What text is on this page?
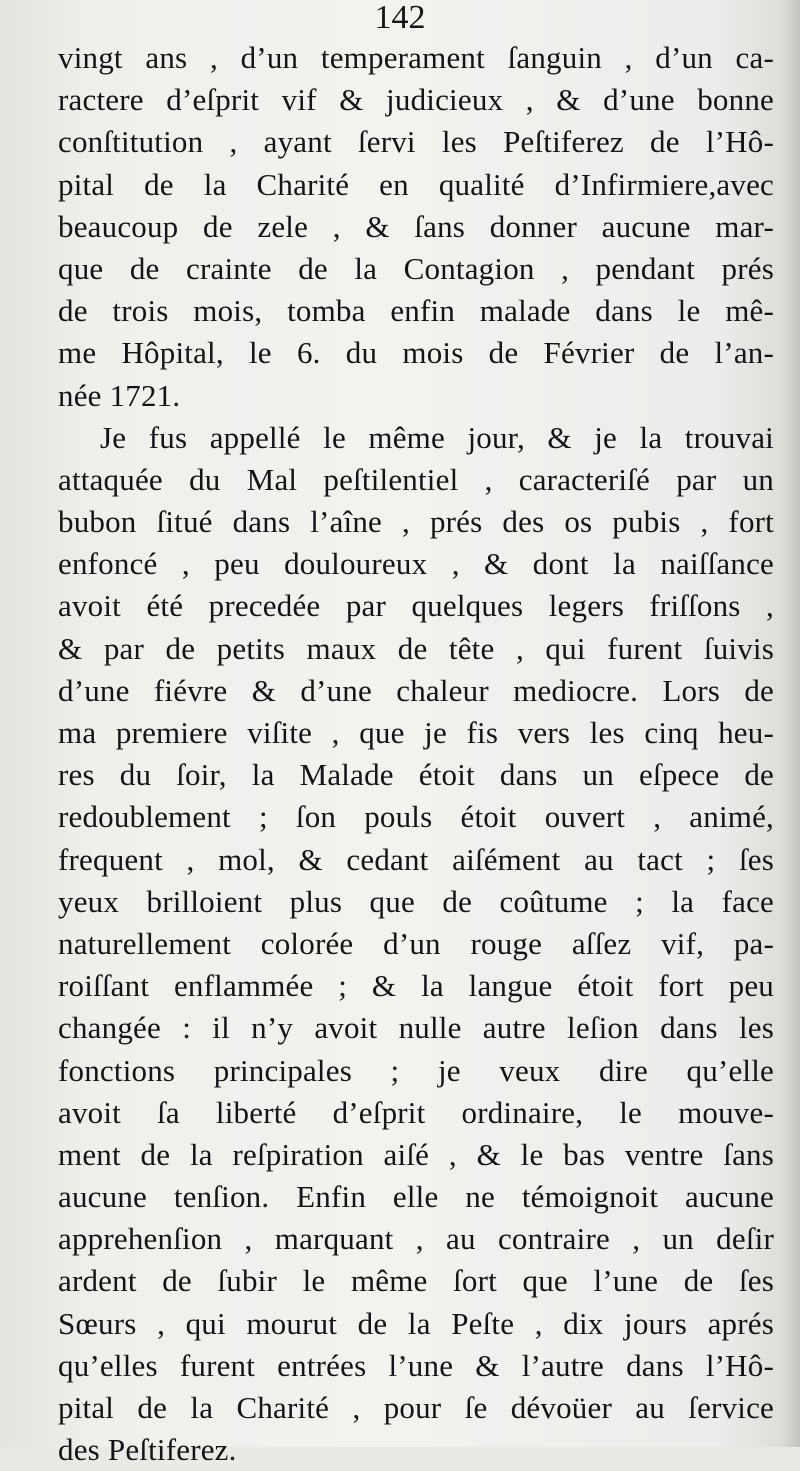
142
vingt ans , d’un temperament ſanguin , d’un ca-
ractere d’eſprit vif & judicieux , & d’une bonne
conſtitution , ayant ſervi les Peſtiferez de l’Hô-
pital de la Charité en qualité d’Infirmiere,avec
beaucoup de zele , & ſans donner aucune mar-
que de crainte de la Contagion , pendant prés
de trois mois, tomba enfin malade dans le mê-
me Hôpital, le 6. du mois de Février de l’an-
née 1721.
Je fus appellé le même jour, & je la trouvai
attaquée du Mal peſtilentiel , caracteriſé par un
bubon ſitué dans l’aîne , prés des os pubis , fort
enfoncé , peu douloureux , & dont la naiſſance
avoit été precedée par quelques legers friſſons ,
& par de petits maux de tête , qui furent ſuivis
d’une fiévre & d’une chaleur mediocre. Lors de
ma premiere viſite , que je fis vers les cinq heu-
res du ſoir, la Malade étoit dans un eſpece de
redoublement ; ſon pouls étoit ouvert , animé,
frequent , mol, & cedant aiſément au tact ; ſes
yeux brilloient plus que de coûtume ; la face
naturellement colorée d’un rouge aſſez vif, pa-
roiſſant enflammée ; & la langue étoit fort peu
changée : il n’y avoit nulle autre leſion dans les
fonctions principales ; je veux dire qu’elle
avoit ſa liberté d’eſprit ordinaire, le mouve-
ment de la reſpiration aiſé , & le bas ventre ſans
aucune tenſion. Enfin elle ne témoignoit aucune
apprehenſion , marquant , au contraire , un deſir
ardent de ſubir le même ſort que l’une de ſes
Sœurs , qui mourut de la Peſte , dix jours aprés
qu’elles furent entrées l’une & l’autre dans l’Hô-
pital de la Charité , pour ſe dévoüer au ſervice
des Peſtiferez.
